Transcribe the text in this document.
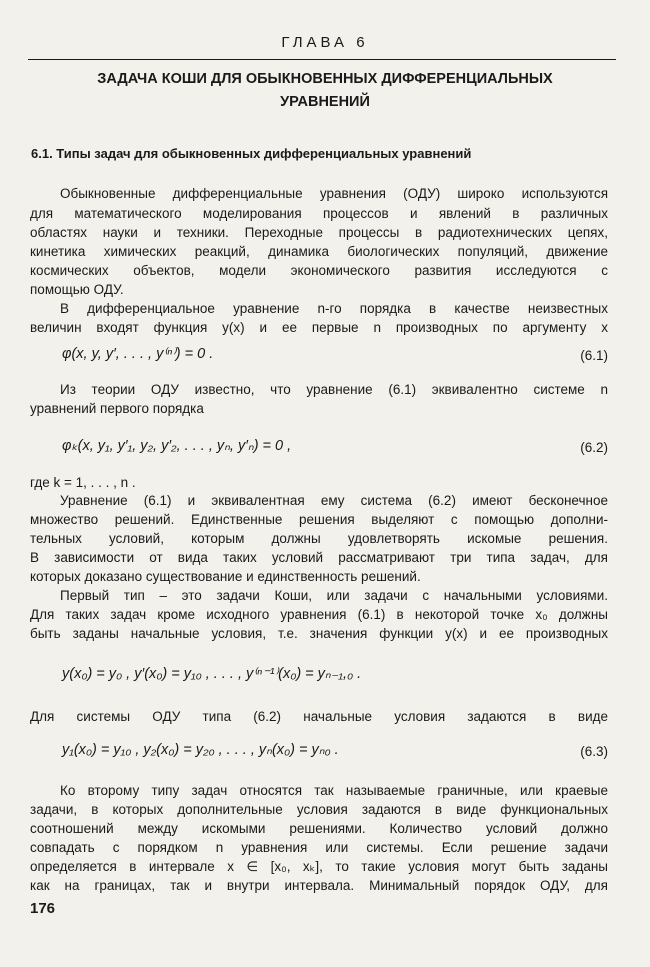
ГЛАВА 6
ЗАДАЧА КОШИ ДЛЯ ОБЫКНОВЕННЫХ ДИФФЕРЕНЦИАЛЬНЫХ
УРАВНЕНИЙ
6.1. Типы задач для обыкновенных дифференциальных уравнений
Обыкновенные дифференциальные уравнения (ОДУ) широко используются
для математического моделирования процессов и явлений в различных
областях науки и техники. Переходные процессы в радиотехнических цепях,
кинетика химических реакций, динамика биологических популяций, движение
космических объектов, модели экономического развития исследуются с
помощью ОДУ.
В дифференциальное уравнение n-го порядка в качестве неизвестных
величин входят функция y(x) и ее первые n производных по аргументу x
φ(x, y, y′, . . . , y⁽ⁿ⁾) = 0 .	(6.1)
Из теории ОДУ известно, что уравнение (6.1) эквивалентно системе n
уравнений первого порядка
φₖ(x, y₁, y′₁, y₂, y′₂, . . . , yₙ, y′ₙ) = 0 ,	(6.2)
где k = 1, . . . , n .
Уравнение (6.1) и эквивалентная ему система (6.2) имеют бесконечное
множество решений. Единственные решения выделяют с помощью дополни-
тельных условий, которым должны удовлетворять искомые решения.
В зависимости от вида таких условий рассматривают три типа задач, для
которых доказано существование и единственность решений.
Первый тип – это задачи Коши, или задачи с начальными условиями.
Для таких задач кроме исходного уравнения (6.1) в некоторой точке x₀ должны
быть заданы начальные условия, т.е. значения функции y(x) и ее производных
y(x₀) = y₀ , y′(x₀) = y₁₀ , . . . , y⁽ⁿ⁻¹⁾(x₀) = yₙ₋₁,₀ .
Для системы ОДУ типа (6.2) начальные условия задаются в виде
y₁(x₀) = y₁₀ , y₂(x₀) = y₂₀ , . . . , yₙ(x₀) = yₙ₀ .	(6.3)
Ко второму типу задач относятся так называемые граничные, или краевые
задачи, в которых дополнительные условия задаются в виде функциональных
соотношений между искомыми решениями. Количество условий должно
совпадать с порядком n уравнения или системы. Если решение задачи
определяется в интервале x ∈ [x₀, xₖ], то такие условия могут быть заданы
как на границах, так и внутри интервала. Минимальный порядок ОДУ, для
176
